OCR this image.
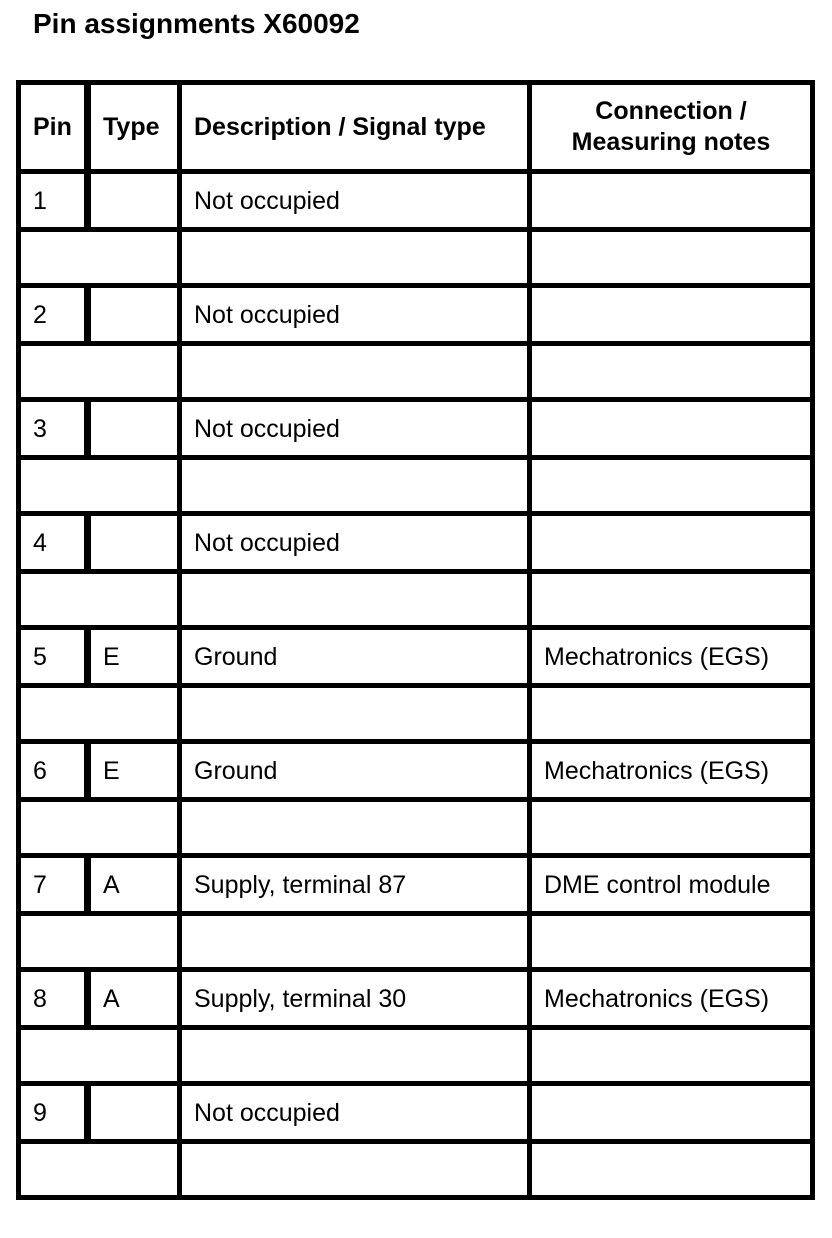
Pin assignments X60092
Pin	Type	Description / Signal type	Connection /
Measuring notes
1		Not occupied	

2		Not occupied	

3		Not occupied	

4		Not occupied	

5	E	Ground	Mechatronics (EGS)

6	E	Ground	Mechatronics (EGS)

7	A	Supply, terminal 87	DME control module

8	A	Supply, terminal 30	Mechatronics (EGS)

9		Not occupied	
